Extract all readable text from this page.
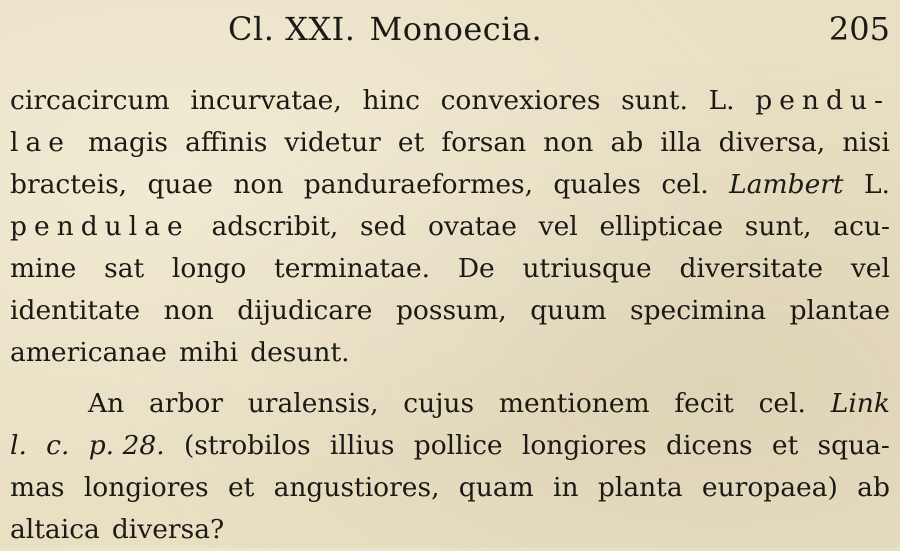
Cl. XXI. Monoecia.	205
circacircum incurvatae, hinc convexiores sunt. L. pendu-
lae magis affinis videtur et forsan non ab illa diversa, nisi
bracteis, quae non panduraeformes, quales cel. Lambert L.
pendulae adscribit, sed ovatae vel ellipticae sunt, acu-
mine sat longo terminatae. De utriusque diversitate vel
identitate non dijudicare possum, quum specimina plantae
americanae mihi desunt.
An arbor uralensis, cujus mentionem fecit cel. Link
l. c. p. 28. (strobilos illius pollice longiores dicens et squa-
mas longiores et angustiores, quam in planta europaea) ab
altaica diversa?
